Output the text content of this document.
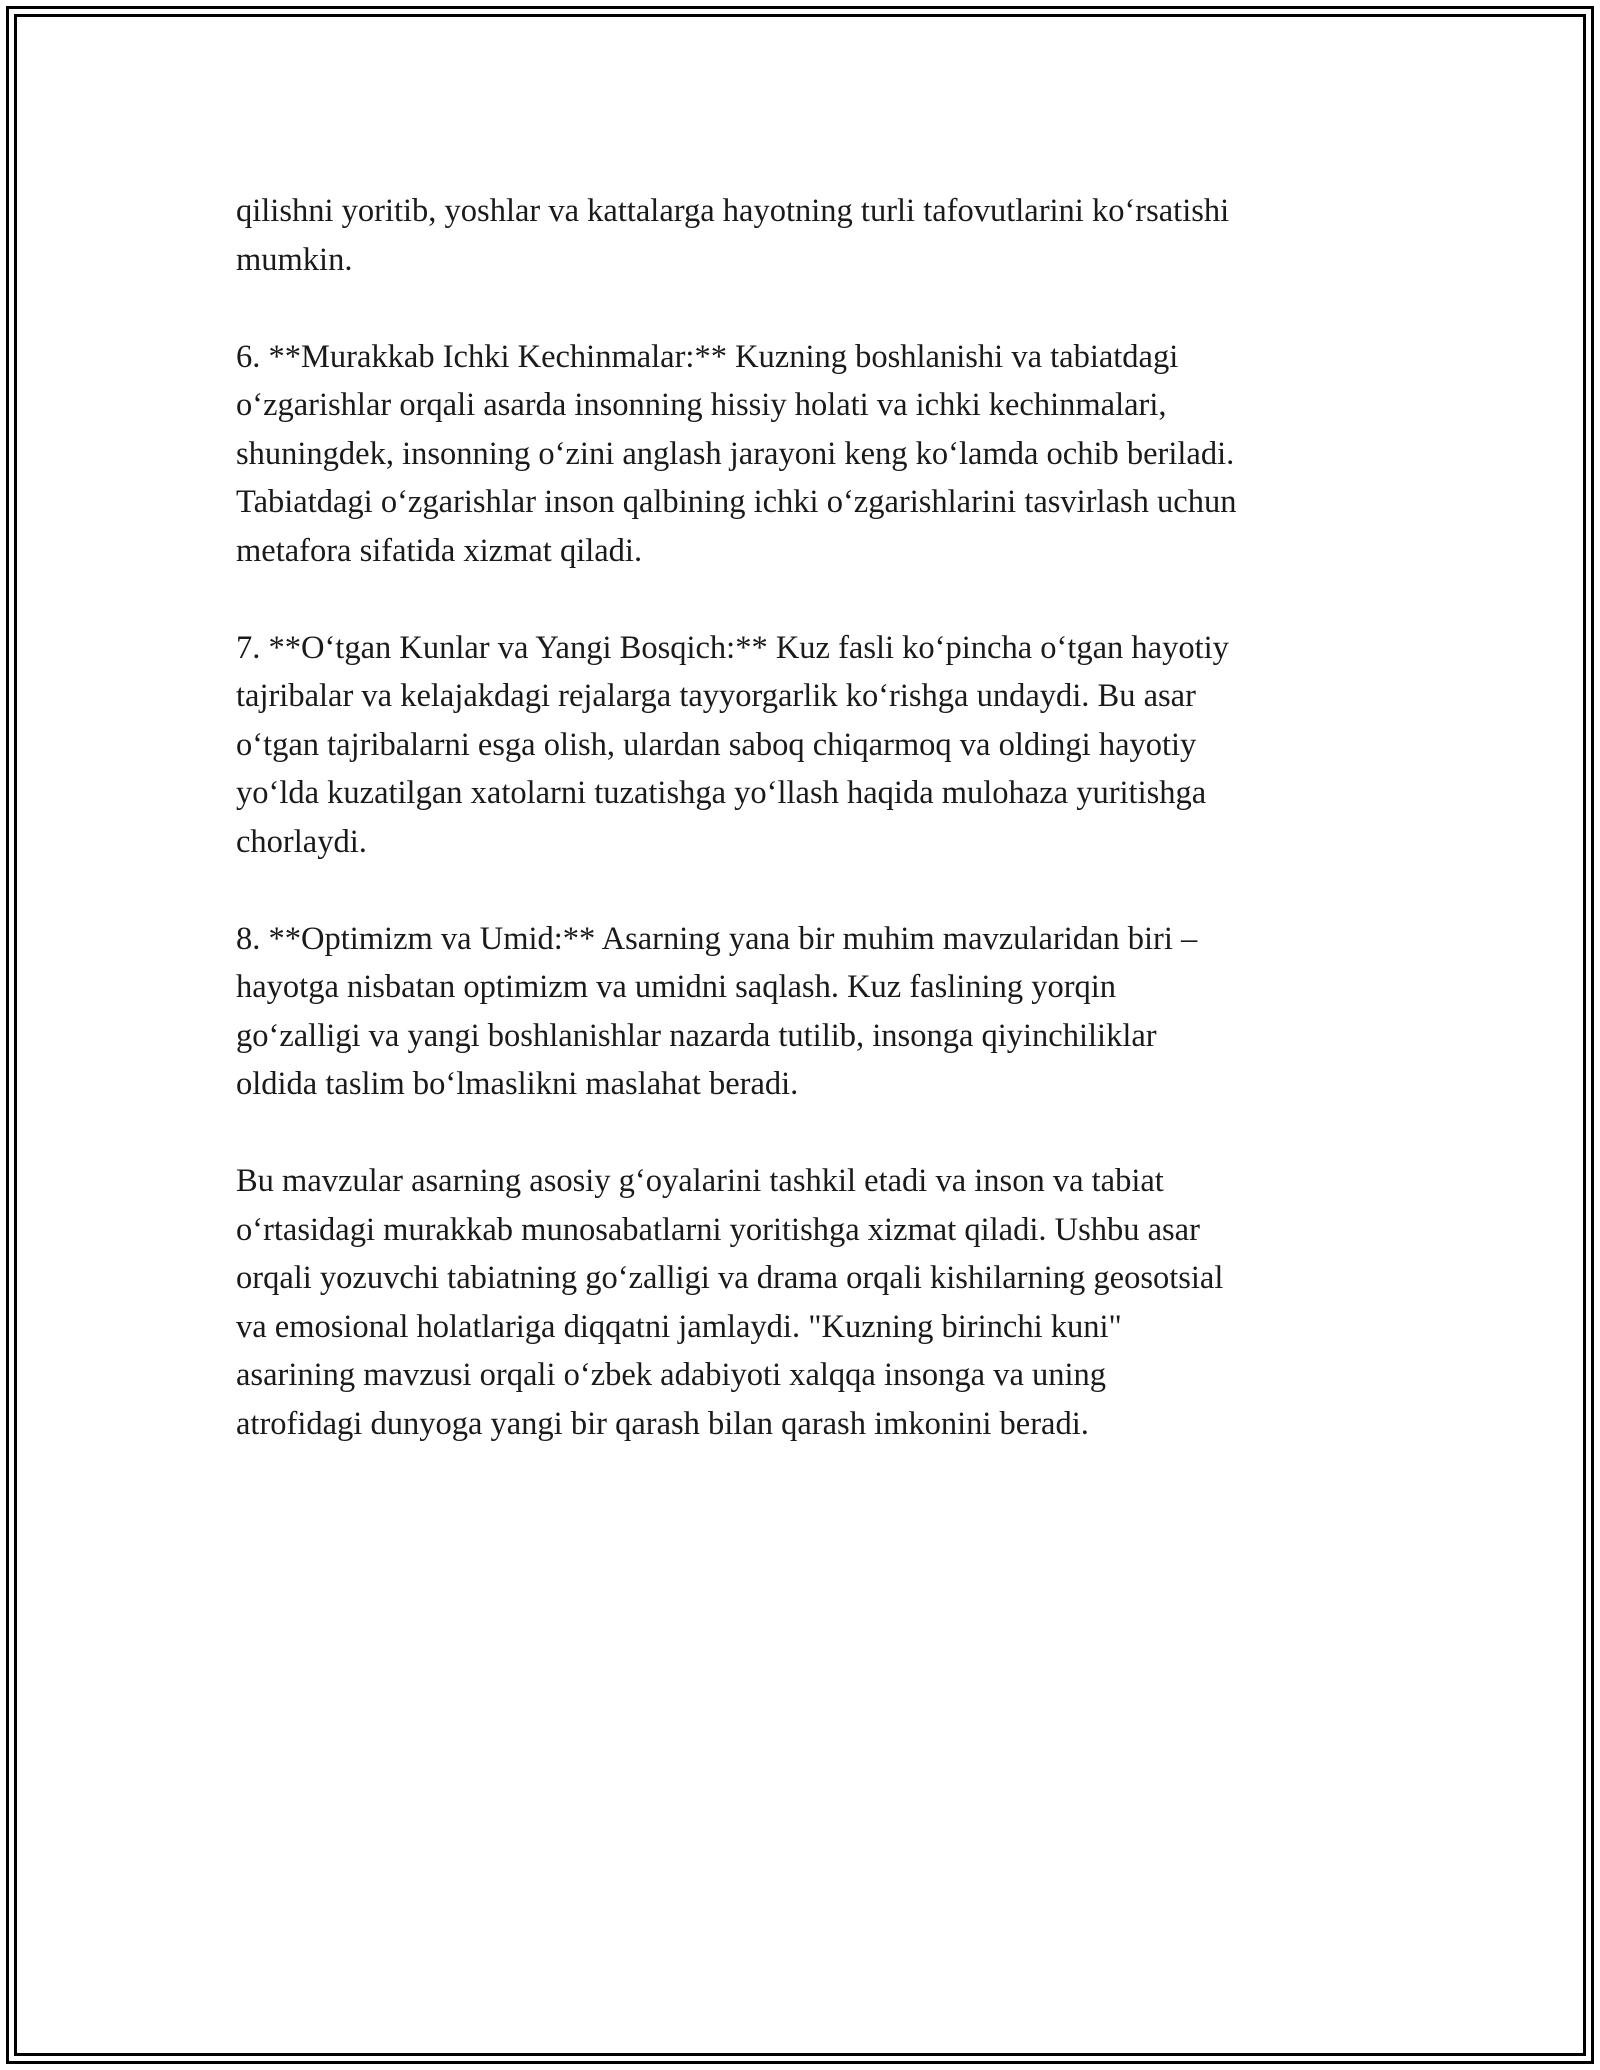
qilishni yoritib, yoshlar va kattalarga hayotning turli tafovutlarini ko‘rsatishi
mumkin.

6. **Murakkab Ichki Kechinmalar:** Kuzning boshlanishi va tabiatdagi
o‘zgarishlar orqali asarda insonning hissiy holati va ichki kechinmalari,
shuningdek, insonning o‘zini anglash jarayoni keng ko‘lamda ochib beriladi.
Tabiatdagi o‘zgarishlar inson qalbining ichki o‘zgarishlarini tasvirlash uchun
metafora sifatida xizmat qiladi.

7. **O‘tgan Kunlar va Yangi Bosqich:** Kuz fasli ko‘pincha o‘tgan hayotiy
tajribalar va kelajakdagi rejalarga tayyorgarlik ko‘rishga undaydi. Bu asar
o‘tgan tajribalarni esga olish, ulardan saboq chiqarmoq va oldingi hayotiy
yo‘lda kuzatilgan xatolarni tuzatishga yo‘llash haqida mulohaza yuritishga
chorlaydi.

8. **Optimizm va Umid:** Asarning yana bir muhim mavzularidan biri –
hayotga nisbatan optimizm va umidni saqlash. Kuz faslining yorqin
go‘zalligi va yangi boshlanishlar nazarda tutilib, insonga qiyinchiliklar
oldida taslim bo‘lmaslikni maslahat beradi.

Bu mavzular asarning asosiy g‘oyalarini tashkil etadi va inson va tabiat
o‘rtasidagi murakkab munosabatlarni yoritishga xizmat qiladi. Ushbu asar
orqali yozuvchi tabiatning go‘zalligi va drama orqali kishilarning geosotsial
va emosional holatlariga diqqatni jamlaydi. "Kuzning birinchi kuni"
asarining mavzusi orqali o‘zbek adabiyoti xalqqa insonga va uning
atrofidagi dunyoga yangi bir qarash bilan qarash imkonini beradi.
